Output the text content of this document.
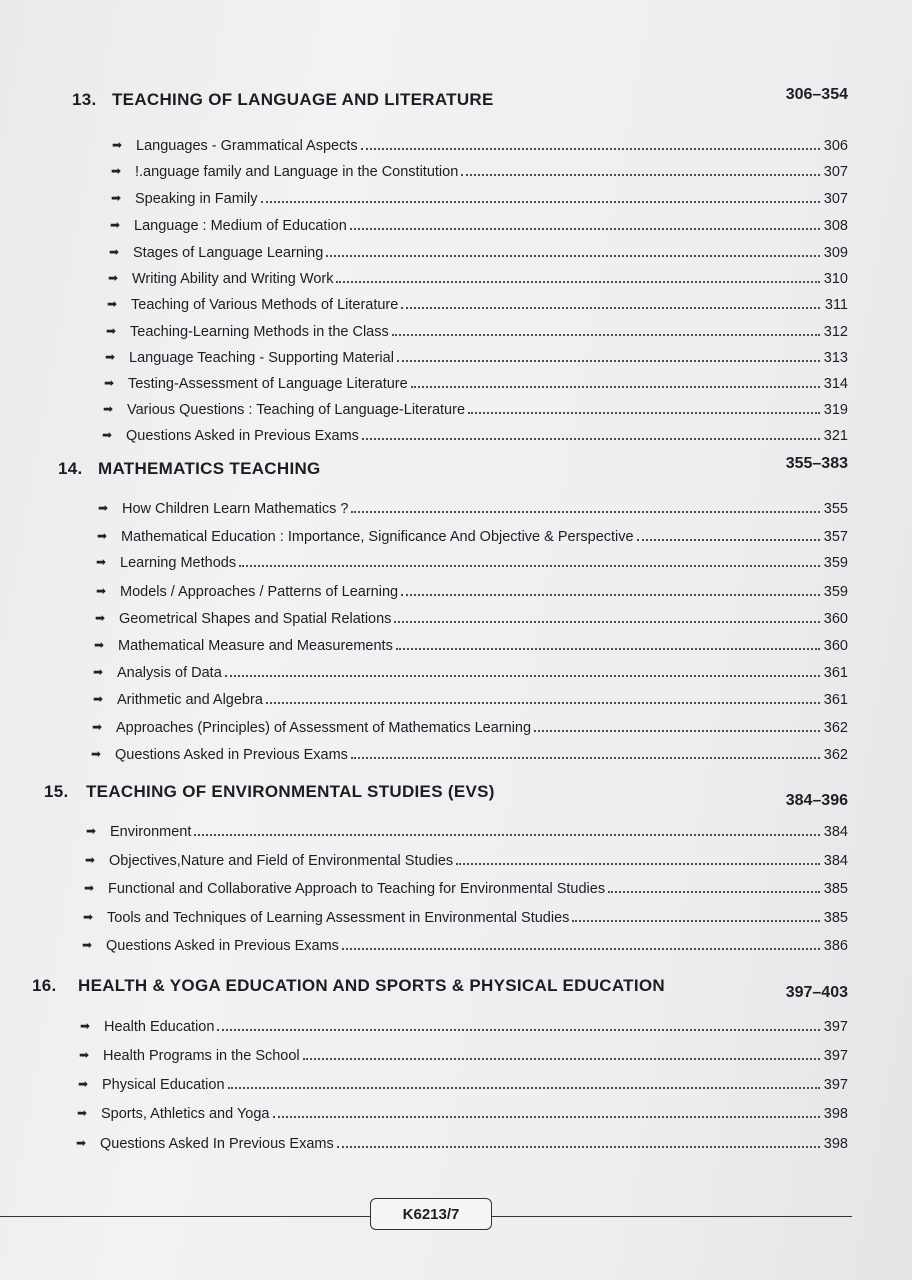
13. TEACHING OF LANGUAGE AND LITERATURE	306–354
➡ Languages - Grammatical Aspects	306
➡ !.anguage family and Language in the Constitution	307
➡ Speaking in Family	307
➡ Language : Medium of Education	308
➡ Stages of Language Learning	309
➡ Writing Ability and Writing Work	310
➡ Teaching of Various Methods of Literature	311
➡ Teaching-Learning Methods in the Class	312
➡ Language Teaching - Supporting Material	313
➡ Testing-Assessment of Language Literature	314
➡ Various Questions : Teaching of Language-Literature	319
➡ Questions Asked in Previous Exams	321
14. MATHEMATICS TEACHING	355–383
➡ How Children Learn Mathematics ?	355
➡ Mathematical Education : Importance, Significance And Objective & Perspective	357
➡ Learning Methods	359
➡ Models / Approaches / Patterns of Learning	359
➡ Geometrical Shapes and Spatial Relations	360
➡ Mathematical Measure and Measurements	360
➡ Analysis of Data	361
➡ Arithmetic and Algebra	361
➡ Approaches (Principles) of Assessment of Mathematics Learning	362
➡ Questions Asked in Previous Exams	362
15. TEACHING OF ENVIRONMENTAL STUDIES (EVS)	384–396
➡ Environment	384
➡ Objectives,Nature and Field of Environmental Studies	384
➡ Functional and Collaborative Approach to Teaching for Environmental Studies	385
➡ Tools and Techniques of Learning Assessment in Environmental Studies	385
➡ Questions Asked in Previous Exams	386
16. HEALTH & YOGA EDUCATION AND SPORTS & PHYSICAL EDUCATION	397–403
➡ Health Education	397
➡ Health Programs in the School	397
➡ Physical Education	397
➡ Sports, Athletics and Yoga	398
➡ Questions Asked In Previous Exams	398
K6213/7
